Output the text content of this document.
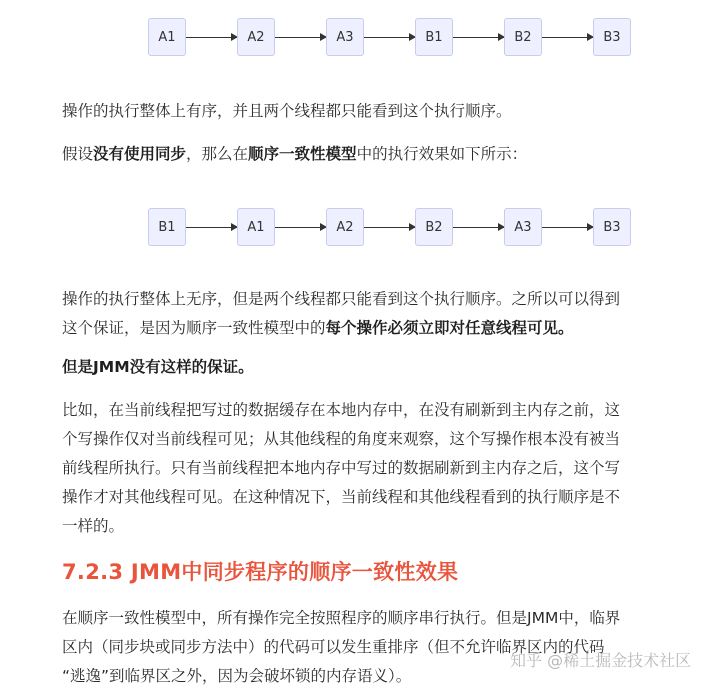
A1	A2	A3	B1	B2	B3

操作的执行整体上有序，并且两个线程都只能看到这个执行顺序。

假设没有使用同步，那么在顺序一致性模型中的执行效果如下所示：

B1	A1	A2	B2	A3	B3

操作的执行整体上无序，但是两个线程都只能看到这个执行顺序。之所以可以得到
这个保证，是因为顺序一致性模型中的每个操作必须立即对任意线程可见。

但是JMM没有这样的保证。

比如，在当前线程把写过的数据缓存在本地内存中，在没有刷新到主内存之前，这
个写操作仅对当前线程可见；从其他线程的角度来观察，这个写操作根本没有被当
前线程所执行。只有当前线程把本地内存中写过的数据刷新到主内存之后，这个写
操作才对其他线程可见。在这种情况下，当前线程和其他线程看到的执行顺序是不
一样的。

7.2.3 JMM中同步程序的顺序一致性效果

在顺序一致性模型中，所有操作完全按照程序的顺序串行执行。但是JMM中，临界
区内（同步块或同步方法中）的代码可以发生重排序（但不允许临界区内的代码
“逃逸”到临界区之外，因为会破坏锁的内存语义）。

知乎 @稀土掘金技术社区
